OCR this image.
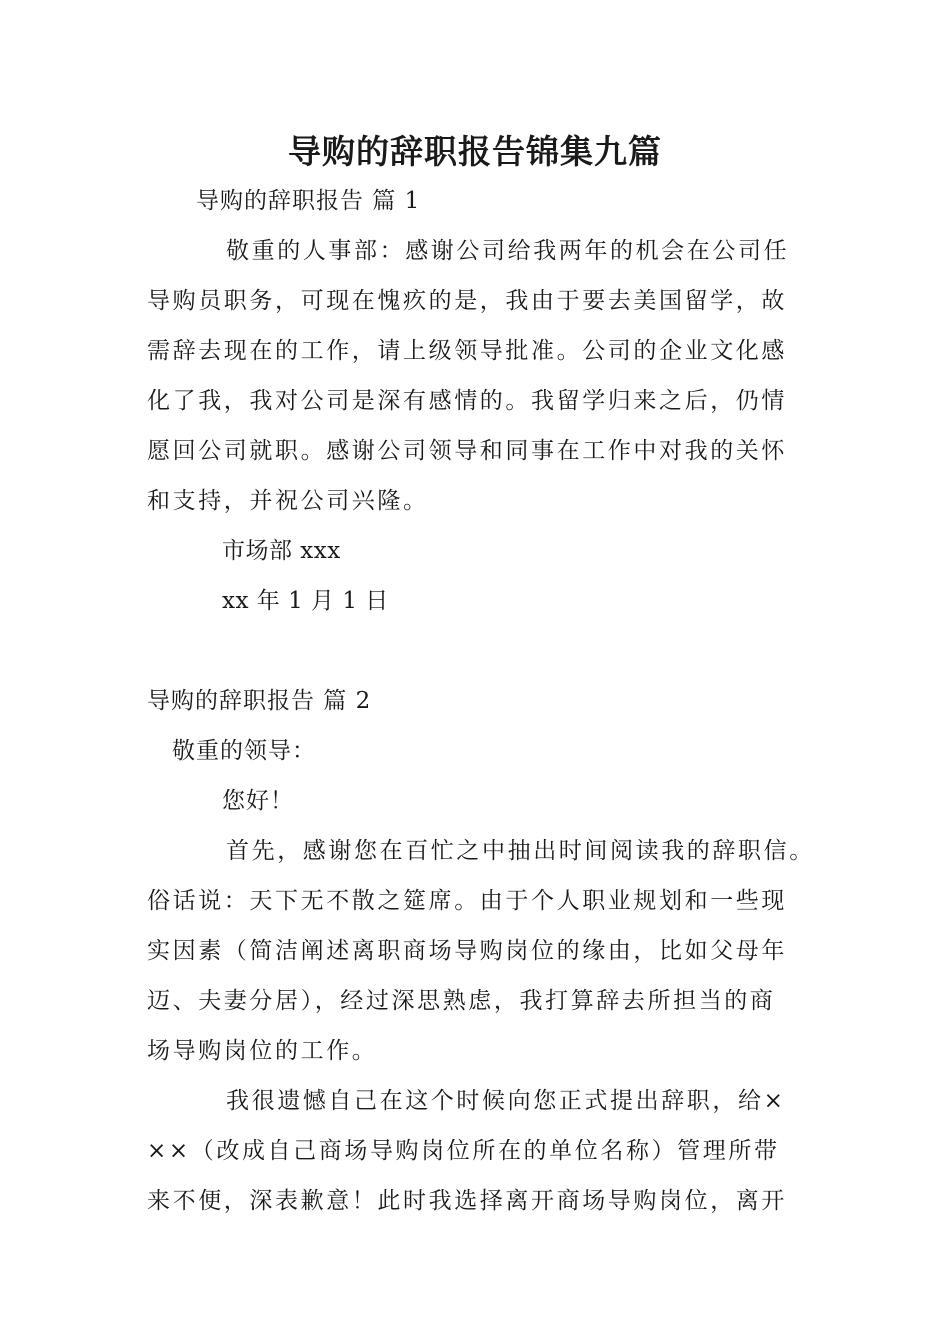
导购的辞职报告锦集九篇
导购的辞职报告 篇 1
敬重的人事部：感谢公司给我两年的机会在公司任
导购员职务，可现在愧疚的是，我由于要去美国留学，故
需辞去现在的工作，请上级领导批准。公司的企业文化感
化了我，我对公司是深有感情的。我留学归来之后，仍情
愿回公司就职。感谢公司领导和同事在工作中对我的关怀
和支持，并祝公司兴隆。
市场部 xxx
xx 年 1 月 1 日
导购的辞职报告 篇 2
敬重的领导：
您好！
首先，感谢您在百忙之中抽出时间阅读我的辞职信。
俗话说：天下无不散之筵席。由于个人职业规划和一些现
实因素（简洁阐述离职商场导购岗位的缘由，比如父母年
迈、夫妻分居），经过深思熟虑，我打算辞去所担当的商
场导购岗位的工作。
我很遗憾自己在这个时候向您正式提出辞职，给×
××（改成自己商场导购岗位所在的单位名称）管理所带
来不便，深表歉意！此时我选择离开商场导购岗位，离开
